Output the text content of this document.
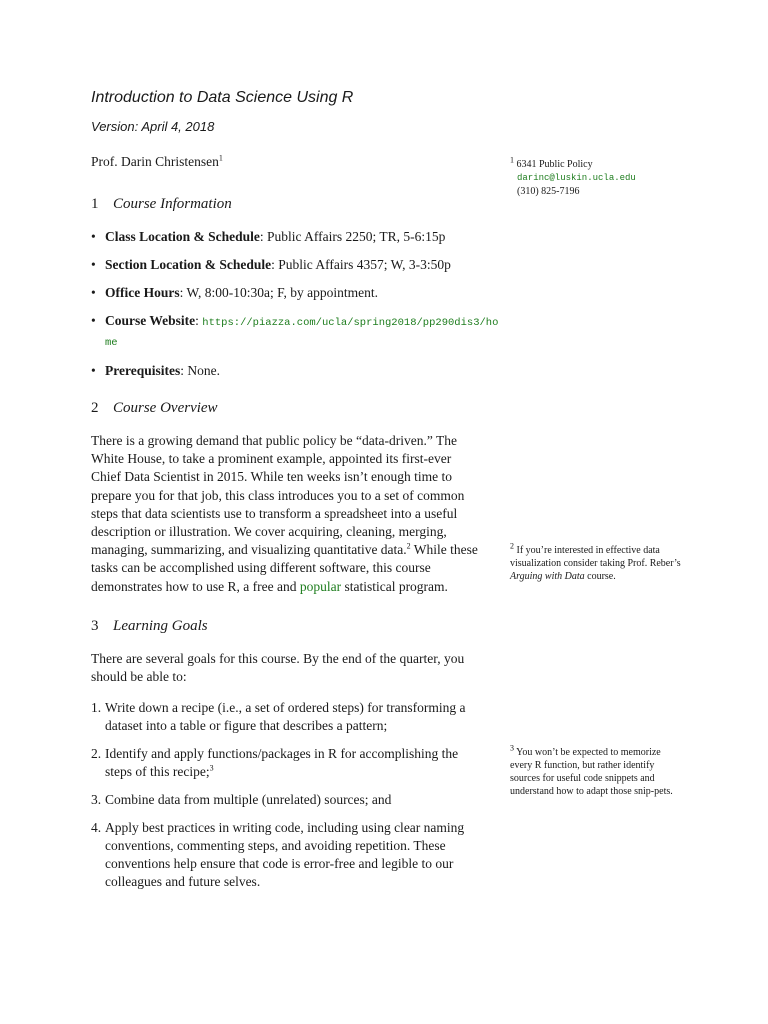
Introduction to Data Science Using R
Version: April 4, 2018
Prof. Darin Christensen$^1$	$^1$ 6341 Public Policy
darinc@luskin.ucla.edu
(310) 825-7196
1 Course Information
• Class Location & Schedule: Public Affairs 2250; TR, 5-6:15p
• Section Location & Schedule: Public Affairs 4357; W, 3-3:50p
• Office Hours: W, 8:00-10:30a; F, by appointment.
• Course Website: https://piazza.com/ucla/spring2018/pp290dis3/home
• Prerequisites: None.
2 Course Overview

There is a growing demand that public policy be “data-driven.” The White House, to take a prominent example, appointed its first-ever Chief Data Scientist in 2015. While ten weeks isn’t enough time to prepare you for that job, this class introduces you to a set of common steps that data scientists use to transform a spreadsheet into a useful description or illustration. We cover acquiring, cleaning, merging, managing, summarizing, and visualizing quantitative data.$^2$ While these tasks can be accomplished using different software, this course demonstrates how to use R, a free and popular statistical program.

$^2$ If you’re interested in effective data visualization consider taking Prof. Reber’s Arguing with Data course.
3 Learning Goals

There are several goals for this course. By the end of the quarter, you should be able to:

1. Write down a recipe (i.e., a set of ordered steps) for transforming a dataset into a table or figure that describes a pattern;
2. Identify and apply functions/packages in R for accomplishing the steps of this recipe;$^3$
3. Combine data from multiple (unrelated) sources; and
4. Apply best practices in writing code, including using clear naming conventions, commenting steps, and avoiding repetition. These conventions help ensure that code is error-free and legible to our colleagues and future selves.
$^3$ You won’t be expected to memorize every R function, but rather identify sources for useful code snippets and understand how to adapt those snip-pets.
